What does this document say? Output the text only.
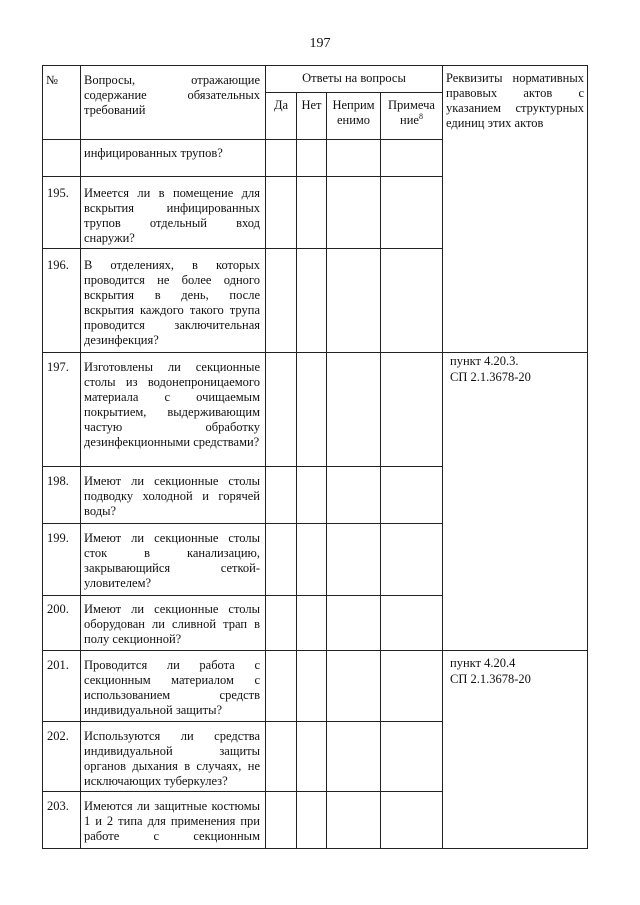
197
№ Вопросы, отражающие содержание обязательных требований
Ответы на вопросы
Да	Нет Неприм
енимо
Примеча
ние$^8$
Реквизиты нормативных правовых актов с указанием структурных единиц этих актов
инфицированных трупов?
195. Имеется ли в помещение для вскрытия инфицированных трупов отдельный вход снаружи?
196. В отделениях, в которых проводится не более одного вскрытия в день, после вскрытия каждого такого трупа проводится заключительная дезинфекция?
197. Изготовлены ли секционные столы из водонепроницаемого материала с очищаемым покрытием, выдерживающим частую обработку дезинфекционными средствами?
пункт 4.20.3.
СП 2.1.3678-20
198. Имеют ли секционные столы подводку холодной и горячей воды?
199. Имеют ли секционные столы сток в канализацию, закрывающийся сеткой-уловителем?
200. Имеют ли секционные столы оборудован ли сливной трап в полу секционной?
201. Проводится ли работа с секционным материалом с использованием средств индивидуальной защиты?
пункт 4.20.4
СП 2.1.3678-20
202. Используются ли средства индивидуальной защиты органов дыхания в случаях, не исключающих туберкулез?
203. Имеются ли защитные костюмы 1 и 2 типа для применения при работе с секционным
